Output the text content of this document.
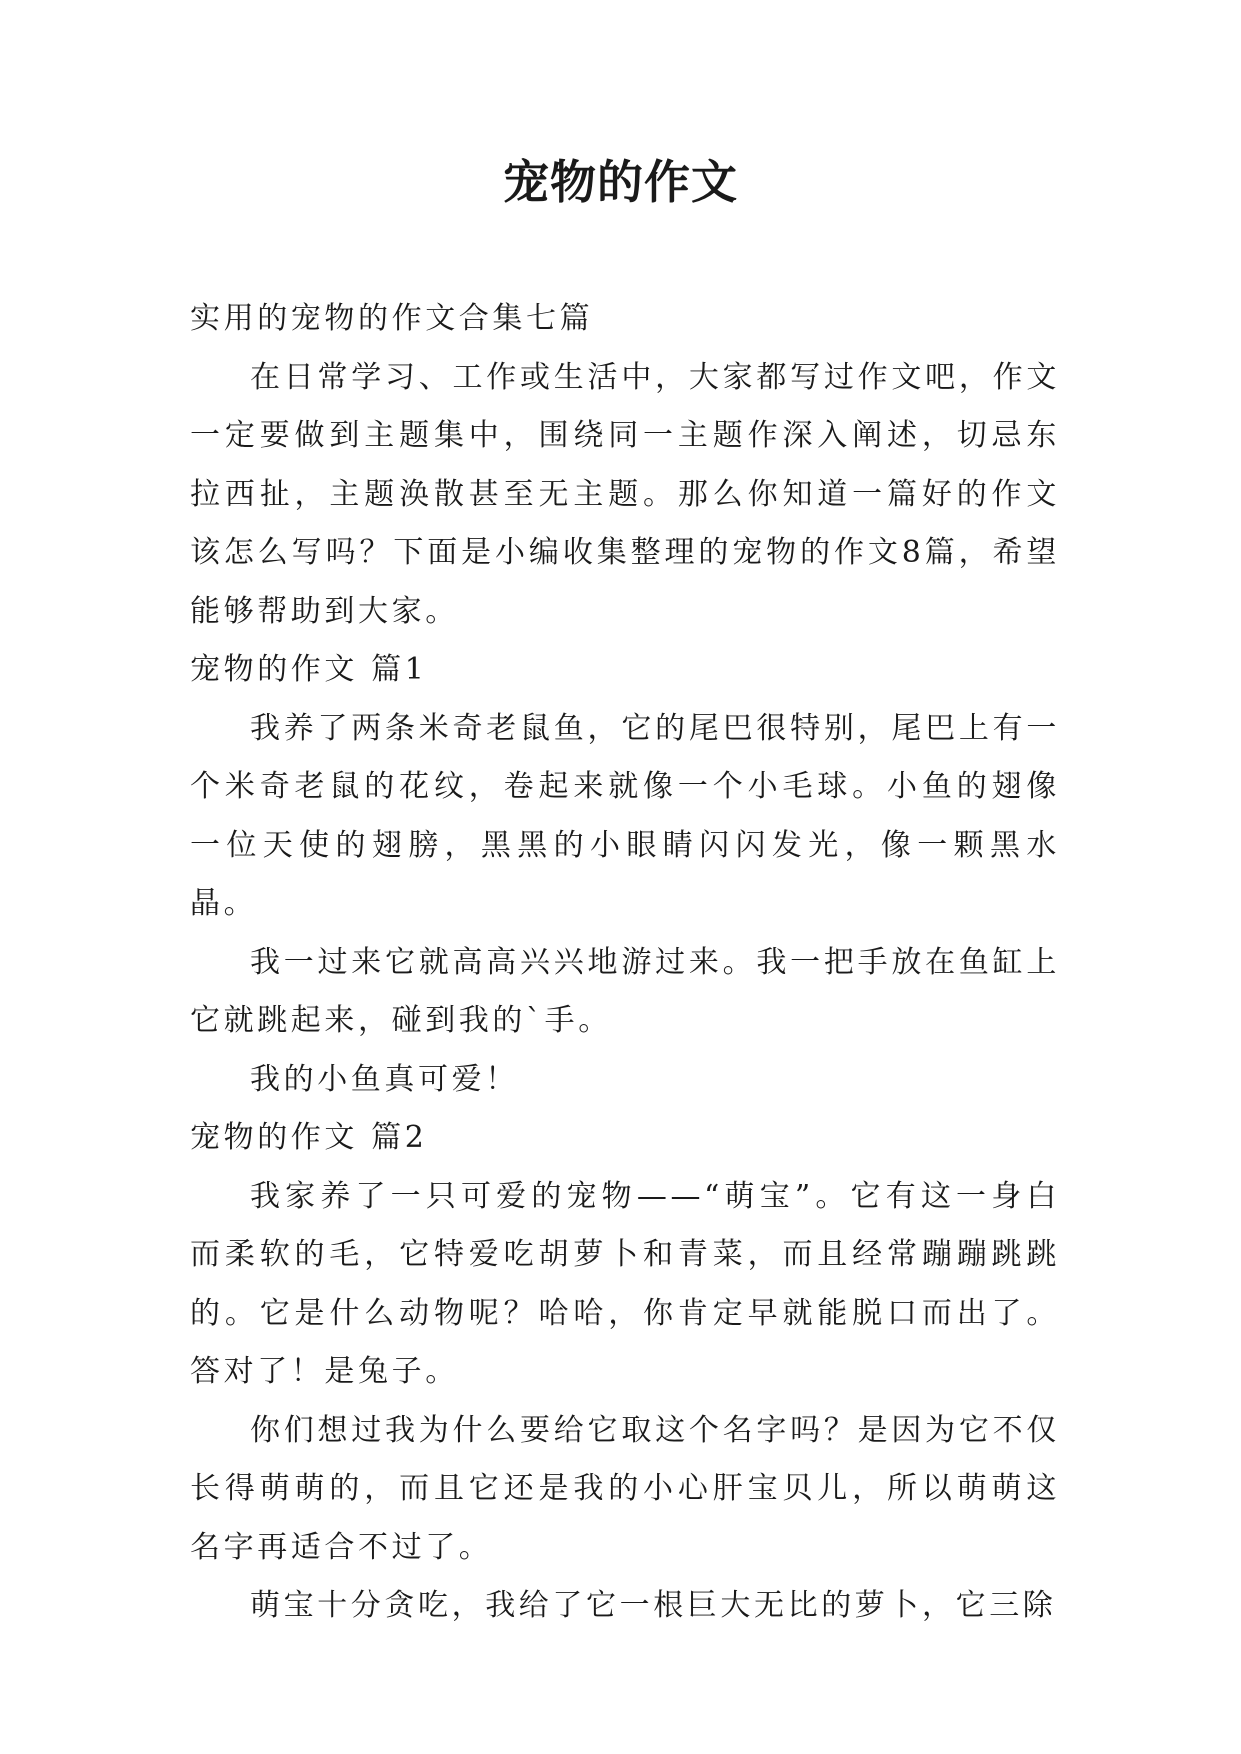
宠物的作文

实用的宠物的作文合集七篇

在日常学习、工作或生活中，大家都写过作文吧，作文一定要做到主题集中，围绕同一主题作深入阐述，切忌东拉西扯，主题涣散甚至无主题。那么你知道一篇好的作文该怎么写吗？下面是小编收集整理的宠物的作文8篇，希望能够帮助到大家。

宠物的作文 篇1

我养了两条米奇老鼠鱼，它的尾巴很特别，尾巴上有一个米奇老鼠的花纹，卷起来就像一个小毛球。小鱼的翅像一位天使的翅膀，黑黑的小眼睛闪闪发光，像一颗黑水晶。

我一过来它就高高兴兴地游过来。我一把手放在鱼缸上它就跳起来，碰到我的`手。

我的小鱼真可爱！

宠物的作文 篇2

我家养了一只可爱的宠物——“萌宝”。它有这一身白而柔软的毛，它特爱吃胡萝卜和青菜，而且经常蹦蹦跳跳的。它是什么动物呢？哈哈，你肯定早就能脱口而出了。答对了！是兔子。

你们想过我为什么要给它取这个名字吗？是因为它不仅长得萌萌的，而且它还是我的小心肝宝贝儿，所以萌萌这名字再适合不过了。

萌宝十分贪吃，我给了它一根巨大无比的萝卜，它三除
